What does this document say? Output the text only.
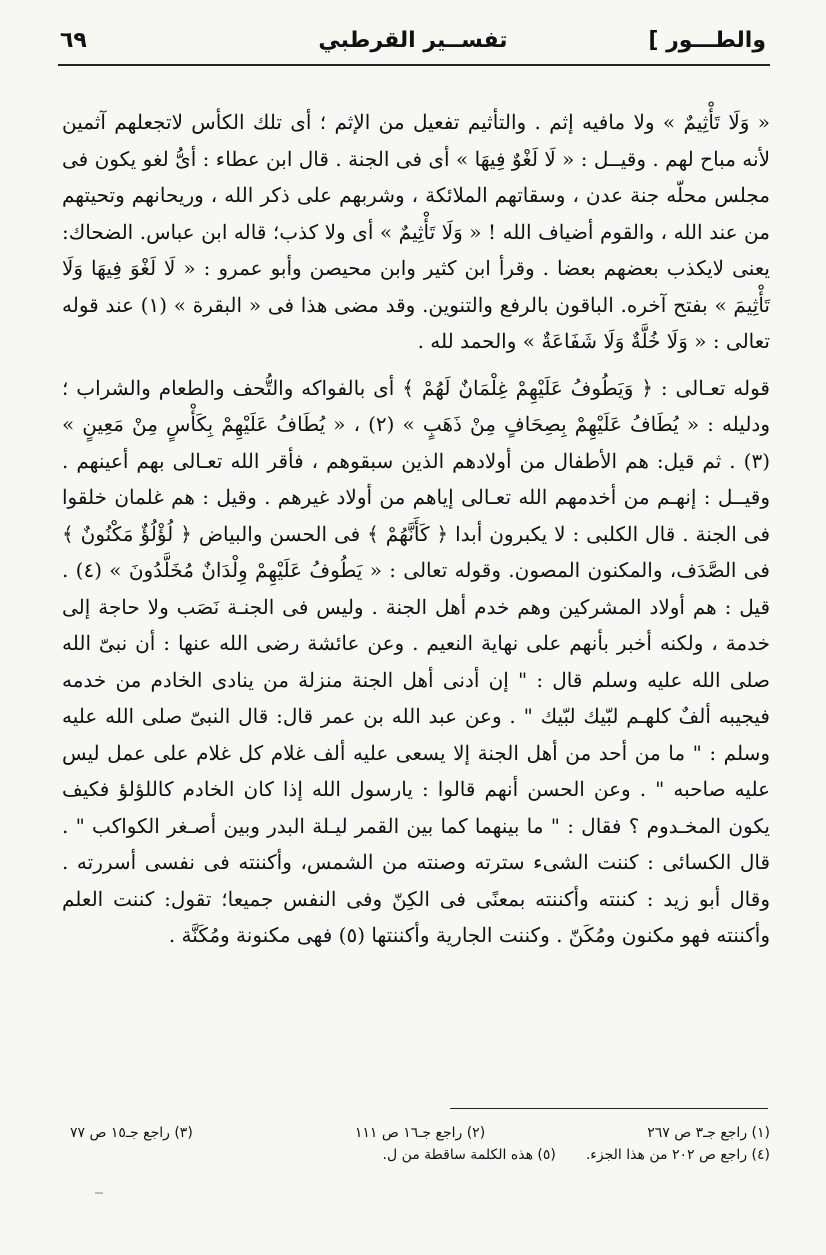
والطـــور ]
تفســير القرطبي
٦٩

« وَلَا تَأْثِيمٌ » ولا مافيه إثم . والتأثيم تفعيل من الإثم ؛ أى تلك الكأس لاتجعلهم آثمين لأنه مباح لهم . وقيــل : « لَا لَغْوٌ فِيهَا » أى فى الجنة . قال ابن عطاء : أىُّ لغو يكون فى مجلس محلّه جنة عدن ، وسقاتهم الملائكة ، وشربهم على ذكر الله ، وريحانهم وتحيتهم من عند الله ، والقوم أضياف الله ! « وَلَا تَأْثِيمٌ » أى ولا كذب؛ قاله ابن عباس. الضحاك: يعنى لايكذب بعضهم بعضا . وقرأ ابن كثير وابن محيصن وأبو عمرو : « لَا لَغْوَ فِيهَا وَلَا تَأْثِيمَ » بفتح آخره. الباقون بالرفع والتنوين. وقد مضى هذا فى « البقرة » (١) عند قوله تعالى : « وَلَا خُلَّةٌ وَلَا شَفَاعَةٌ » والحمد لله .

قوله تعـالى : ﴿ وَيَطُوفُ عَلَيْهِمْ غِلْمَانٌ لَهُمْ ﴾ أى بالفواكه والتُّحف والطعام والشراب ؛ ودليله : « يُطَافُ عَلَيْهِمْ بِصِحَافٍ مِنْ ذَهَبٍ » (٢) ، « يُطَافُ عَلَيْهِمْ بِكَأْسٍ مِنْ مَعِينٍ » (٣) . ثم قيل: هم الأطفال من أولادهم الذين سبقوهم ، فأقر الله تعـالى بهم أعينهم . وقيــل : إنهـم من أخدمهم الله تعـالى إياهم من أولاد غيرهم . وقيل : هم غلمان خلقوا فى الجنة . قال الكلبى : لا يكبرون أبدا ﴿ كَأَنَّهُمْ ﴾ فى الحسن والبياض ﴿ لُؤْلُؤٌ مَكْنُونٌ ﴾ فى الصَّدَف، والمكنون المصون. وقوله تعالى : « يَطُوفُ عَلَيْهِمْ وِلْدَانٌ مُخَلَّدُونَ » (٤) . قيل : هم أولاد المشركين وهم خدم أهل الجنة . وليس فى الجنـة نَصَب ولا حاجة إلى خدمة ، ولكنه أخبر بأنهم على نهاية النعيم . وعن عائشة رضى الله عنها : أن نبىّ الله صلى الله عليه وسلم قال : " إن أدنى أهل الجنة منزلة من ينادى الخادم من خدمه فيجيبه ألفٌ كلهـم لبّيك لبّيك " . وعن عبد الله بن عمر قال: قال النبىّ صلى الله عليه وسلم : " ما من أحد من أهل الجنة إلا يسعى عليه ألف غلام كل غلام على عمل ليس عليه صاحبه " . وعن الحسن أنهم قالوا : يارسول الله إذا كان الخادم كاللؤلؤ فكيف يكون المخـدوم ؟ فقال : " ما بينهما كما بين القمر ليـلة البدر وبين أصـغر الكواكب " . قال الكسائى : كننت الشىء سترته وصنته من الشمس، وأكننته فى نفسى أسررته . وقال أبو زيد : كننته وأكننته بمعنًى فى الكِنّ وفى النفس جميعا؛ تقول: كننت العلم وأكننته فهو مكنون ومُكَنّ . وكننت الجارية وأكننتها (٥) فهى مكنونة ومُكَنَّة .

(١) راجع جـ٣ ص ٢٦٧
(٢) راجع جـ١٦ ص ١١١
(٣) راجع جـ١٥ ص ٧٧
(٤) راجع ص ٢٠٢ من هذا الجزء.
(٥) هذه الكلمة ساقطة من ل.
